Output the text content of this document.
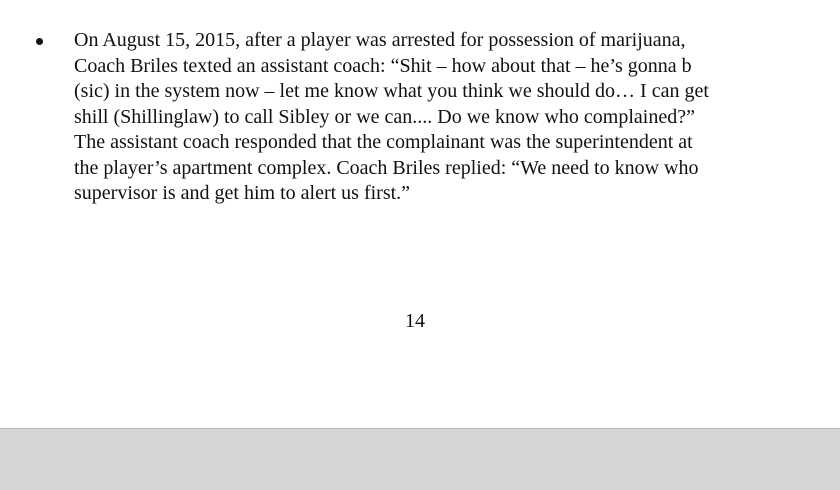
On August 15, 2015, after a player was arrested for possession of marijuana,
Coach Briles texted an assistant coach: “Shit – how about that – he’s gonna b
(sic) in the system now – let me know what you think we should do… I can get
shill (Shillinglaw) to call Sibley or we can.... Do we know who complained?”
The assistant coach responded that the complainant was the superintendent at
the player’s apartment complex. Coach Briles replied: “We need to know who
supervisor is and get him to alert us first.”
14
